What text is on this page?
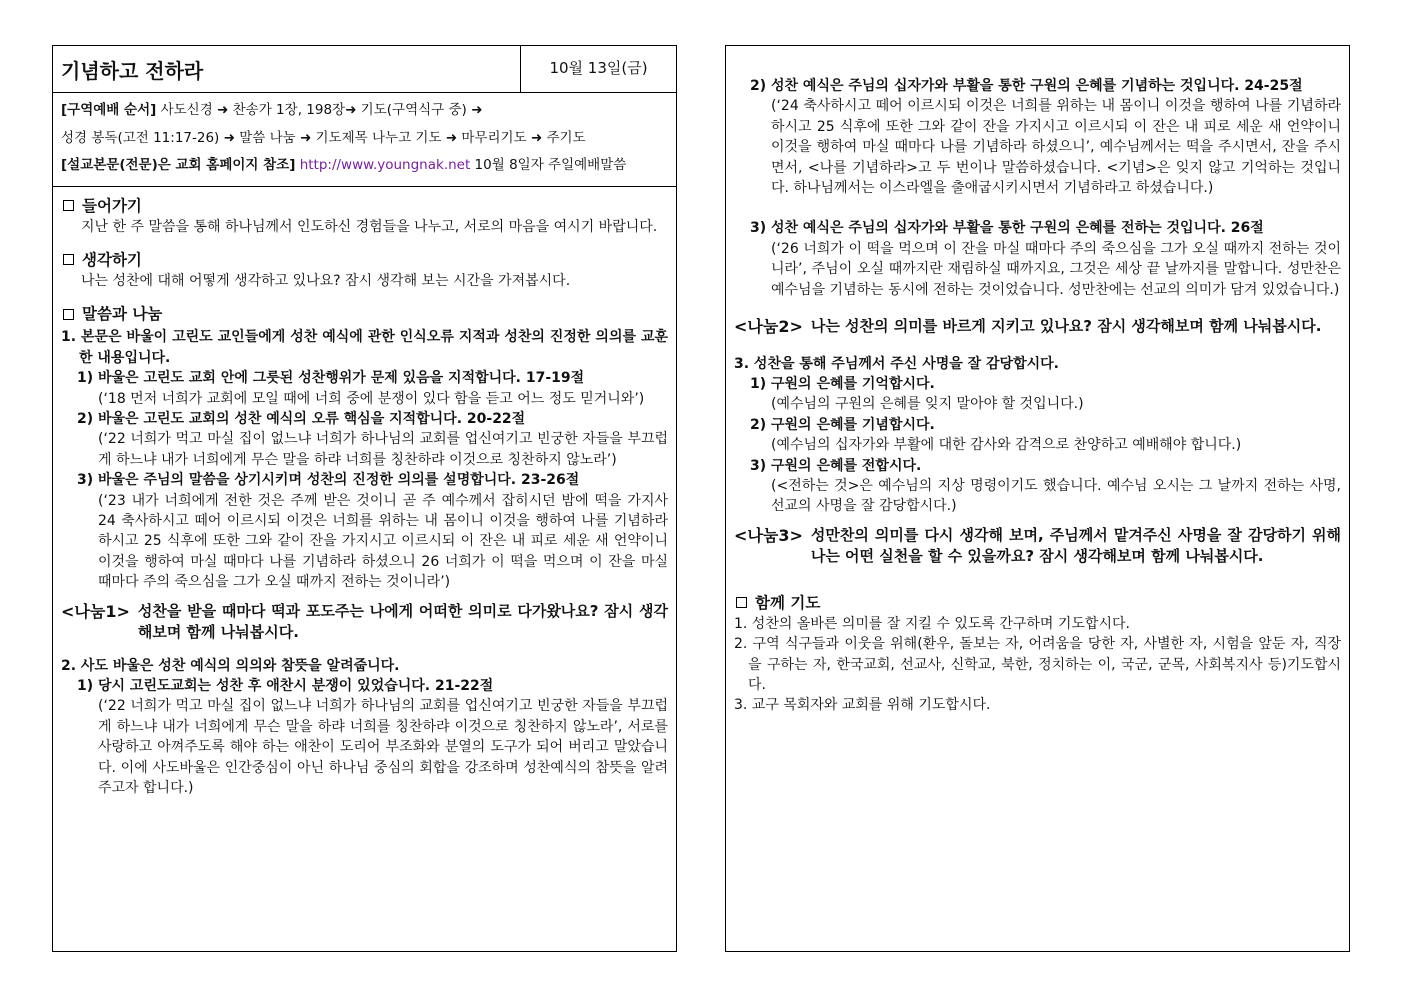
기념하고 전하라	10월 13일(금)
[구역예배 순서] 사도신경 ➜ 찬송가 1장, 198장➜ 기도(구역식구 중) ➜
성경 봉독(고전 11:17-26) ➜ 말씀 나눔 ➜ 기도제목 나누고 기도 ➜ 마무리기도 ➜ 주기도
[설교본문(전문)은 교회 홈페이지 참조] http://www.youngnak.net 10월 8일자 주일예배말씀
들어가기
지난 한 주 말씀을 통해 하나님께서 인도하신 경험들을 나누고, 서로의 마음을 여시기 바랍니다.
생각하기
나는 성찬에 대해 어떻게 생각하고 있나요? 잠시 생각해 보는 시간을 가져봅시다.
말씀과 나눔
1. 본문은 바울이 고린도 교인들에게 성찬 예식에 관한 인식오류 지적과 성찬의 진정한 의의를 교훈한 내용입니다.
1) 바울은 고린도 교회 안에 그릇된 성찬행위가 문제 있음을 지적합니다. 17-19절
(‘18 먼저 너희가 교회에 모일 때에 너희 중에 분쟁이 있다 함을 듣고 어느 정도 믿거니와’)
2) 바울은 고린도 교회의 성찬 예식의 오류 핵심을 지적합니다. 20-22절
(‘22 너희가 먹고 마실 집이 없느냐 너희가 하나님의 교회를 업신여기고 빈궁한 자들을 부끄럽게 하느냐 내가 너희에게 무슨 말을 하랴 너희를 칭찬하랴 이것으로 칭찬하지 않노라’)
3) 바울은 주님의 말씀을 상기시키며 성찬의 진정한 의의를 설명합니다. 23-26절
(‘23 내가 너희에게 전한 것은 주께 받은 것이니 곧 주 예수께서 잡히시던 밤에 떡을 가지사 24 축사하시고 떼어 이르시되 이것은 너희를 위하는 내 몸이니 이것을 행하여 나를 기념하라 하시고 25 식후에 또한 그와 같이 잔을 가지시고 이르시되 이 잔은 내 피로 세운 새 언약이니 이것을 행하여 마실 때마다 나를 기념하라 하셨으니 26 너희가 이 떡을 먹으며 이 잔을 마실 때마다 주의 죽으심을 그가 오실 때까지 전하는 것이니라’)
<나눔1> 성찬을 받을 때마다 떡과 포도주는 나에게 어떠한 의미로 다가왔나요? 잠시 생각해보며 함께 나눠봅시다.
2. 사도 바울은 성찬 예식의 의의와 참뜻을 알려줍니다.
1) 당시 고린도교회는 성찬 후 애찬시 분쟁이 있었습니다. 21-22절
(‘22 너희가 먹고 마실 집이 없느냐 너희가 하나님의 교회를 업신여기고 빈궁한 자들을 부끄럽게 하느냐 내가 너희에게 무슨 말을 하랴 너희를 칭찬하랴 이것으로 칭찬하지 않노라’, 서로를 사랑하고 아껴주도록 해야 하는 애찬이 도리어 부조화와 분열의 도구가 되어 버리고 말았습니다. 이에 사도바울은 인간중심이 아닌 하나님 중심의 회합을 강조하며 성찬예식의 참뜻을 알려주고자 합니다.)
2) 성찬 예식은 주님의 십자가와 부활을 통한 구원의 은혜를 기념하는 것입니다. 24-25절
(‘24 축사하시고 떼어 이르시되 이것은 너희를 위하는 내 몸이니 이것을 행하여 나를 기념하라 하시고 25 식후에 또한 그와 같이 잔을 가지시고 이르시되 이 잔은 내 피로 세운 새 언약이니 이것을 행하여 마실 때마다 나를 기념하라 하셨으니’, 예수님께서는 떡을 주시면서, 잔을 주시면서, <나를 기념하라>고 두 번이나 말씀하셨습니다. <기념>은 잊지 않고 기억하는 것입니다. 하나님께서는 이스라엘을 출애굽시키시면서 기념하라고 하셨습니다.)
3) 성찬 예식은 주님의 십자가와 부활을 통한 구원의 은혜를 전하는 것입니다. 26절
(‘26 너희가 이 떡을 먹으며 이 잔을 마실 때마다 주의 죽으심을 그가 오실 때까지 전하는 것이니라’, 주님이 오실 때까지란 재림하실 때까지요, 그것은 세상 끝 날까지를 말합니다. 성만찬은 예수님을 기념하는 동시에 전하는 것이었습니다. 성만찬에는 선교의 의미가 담겨 있었습니다.)
<나눔2> 나는 성찬의 의미를 바르게 지키고 있나요? 잠시 생각해보며 함께 나눠봅시다.
3. 성찬을 통해 주님께서 주신 사명을 잘 감당합시다.
1) 구원의 은혜를 기억합시다.
(예수님의 구원의 은혜를 잊지 말아야 할 것입니다.)
2) 구원의 은혜를 기념합시다.
(예수님의 십자가와 부활에 대한 감사와 감격으로 찬양하고 예배해야 합니다.)
3) 구원의 은혜를 전합시다.
(<전하는 것>은 예수님의 지상 명령이기도 했습니다. 예수님 오시는 그 날까지 전하는 사명, 선교의 사명을 잘 감당합시다.)
<나눔3> 성만찬의 의미를 다시 생각해 보며, 주님께서 맡겨주신 사명을 잘 감당하기 위해 나는 어떤 실천을 할 수 있을까요? 잠시 생각해보며 함께 나눠봅시다.
함께 기도
1. 성찬의 올바른 의미를 잘 지킬 수 있도록 간구하며 기도합시다.
2. 구역 식구들과 이웃을 위해(환우, 돌보는 자, 어려움을 당한 자, 사별한 자, 시험을 앞둔 자, 직장을 구하는 자, 한국교회, 선교사, 신학교, 북한, 정치하는 이, 국군, 군목, 사회복지사 등)기도합시다.
3. 교구 목회자와 교회를 위해 기도합시다.
